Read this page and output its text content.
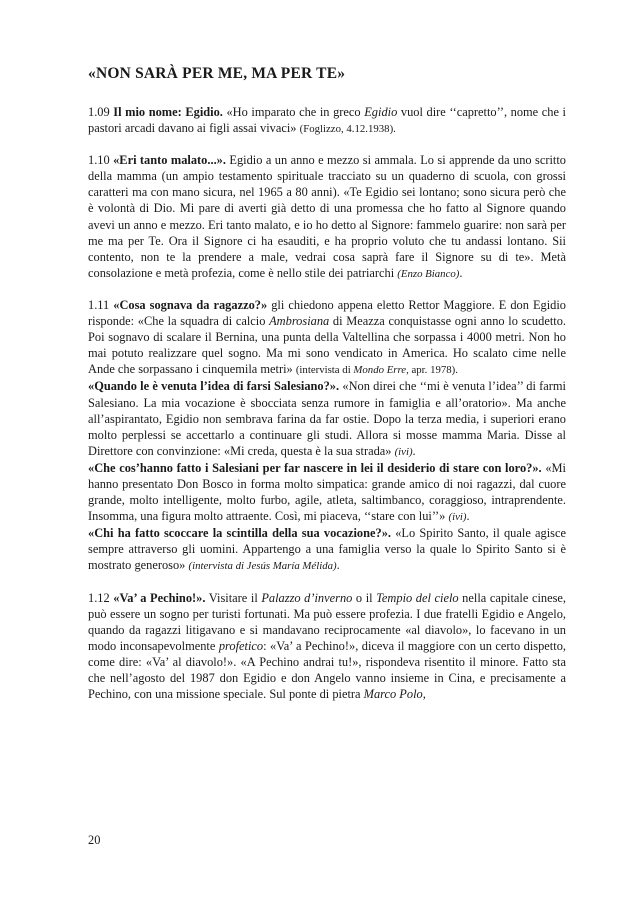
«NON SARÀ PER ME, MA PER TE»

1.09 Il mio nome: Egidio. «Ho imparato che in greco Egidio vuol dire ‘‘capretto’’, nome che i pastori arcadi davano ai figli assai vivaci» (Foglizzo, 4.12.1938).

1.10 «Eri tanto malato...». Egidio a un anno e mezzo si ammala. Lo si apprende da uno scritto della mamma (un ampio testamento spirituale tracciato su un quaderno di scuola, con grossi caratteri ma con mano sicura, nel 1965 a 80 anni). «Te Egidio sei lontano; sono sicura però che è volontà di Dio. Mi pare di averti già detto di una promessa che ho fatto al Signore quando avevi un anno e mezzo. Eri tanto malato, e io ho detto al Signore: fammelo guarire: non sarà per me ma per Te. Ora il Signore ci ha esauditi, e ha proprio voluto che tu andassi lontano. Sii contento, non te la prendere a male, vedrai cosa saprà fare il Signore su di te». Metà consolazione e metà profezia, come è nello stile dei patriarchi (Enzo Bianco).

1.11 «Cosa sognava da ragazzo?» gli chiedono appena eletto Rettor Maggiore. E don Egidio risponde: «Che la squadra di calcio Ambrosiana di Meazza conquistasse ogni anno lo scudetto. Poi sognavo di scalare il Bernina, una punta della Valtellina che sorpassa i 4000 metri. Non ho mai potuto realizzare quel sogno. Ma mi sono vendicato in America. Ho scalato cime nelle Ande che sorpassano i cinquemila metri» (intervista di Mondo Erre, apr. 1978).
«Quando le è venuta l’idea di farsi Salesiano?». «Non direi che ‘‘mi è venuta l’idea’’ di farmi Salesiano. La mia vocazione è sbocciata senza rumore in famiglia e all’oratorio». Ma anche all’aspirantato, Egidio non sembrava farina da far ostie. Dopo la terza media, i superiori erano molto perplessi se accettarlo a continuare gli studi. Allora si mosse mamma Maria. Disse al Direttore con convinzione: «Mi creda, questa è la sua strada» (ivi).
«Che cos’hanno fatto i Salesiani per far nascere in lei il desiderio di stare con loro?». «Mi hanno presentato Don Bosco in forma molto simpatica: grande amico di noi ragazzi, dal cuore grande, molto intelligente, molto furbo, agile, atleta, saltimbanco, coraggioso, intraprendente. Insomma, una figura molto attraente. Così, mi piaceva, ‘‘stare con lui’’» (ivi).
«Chi ha fatto scoccare la scintilla della sua vocazione?». «Lo Spirito Santo, il quale agisce sempre attraverso gli uomini. Appartengo a una famiglia verso la quale lo Spirito Santo si è mostrato generoso» (intervista di Jesús María Mélida).

1.12 «Va’ a Pechino!». Visitare il Palazzo d’inverno o il Tempio del cielo nella capitale cinese, può essere un sogno per turisti fortunati. Ma può essere profezia. I due fratelli Egidio e Angelo, quando da ragazzi litigavano e si mandavano reciprocamente «al diavolo», lo facevano in un modo inconsapevolmente profetico: «Va’ a Pechino!», diceva il maggiore con un certo dispetto, come dire: «Va’ al diavolo!». «A Pechino andrai tu!», rispondeva risentito il minore. Fatto sta che nell’agosto del 1987 don Egidio e don Angelo vanno insieme in Cina, e precisamente a Pechino, con una missione speciale. Sul ponte di pietra Marco Polo,

20
